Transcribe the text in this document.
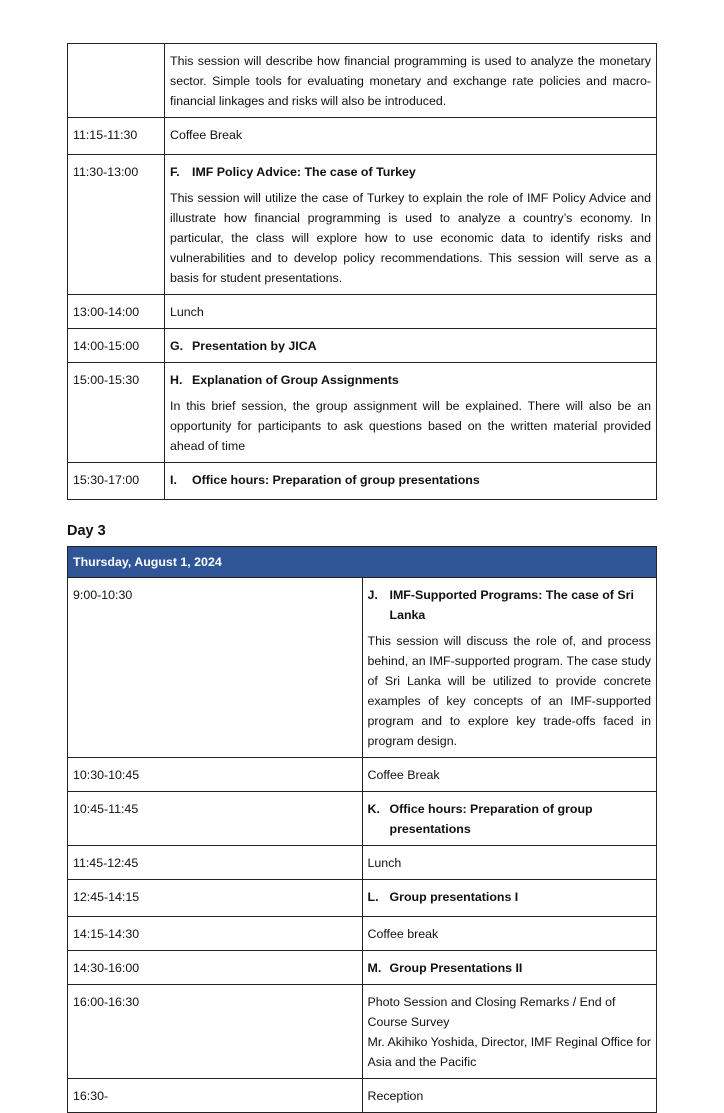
	This session will describe how financial programming is used to analyze the monetary sector. Simple tools for evaluating monetary and exchange rate policies and macro-financial linkages and risks will also be introduced.

11:15-11:30	Coffee Break
11:30-13:00	F. IMF Policy Advice: The case of Turkey

This session will utilize the case of Turkey to explain the role of IMF Policy Advice and illustrate how financial programming is used to analyze a country’s economy. In particular, the class will explore how to use economic data to identify risks and vulnerabilities and to develop policy recommendations. This session will serve as a basis for student presentations.

13:00-14:00	Lunch
14:00-15:00	G. Presentation by JICA

15:00-15:30	H. Explanation of Group Assignments

In this brief session, the group assignment will be explained. There will also be an opportunity for participants to ask questions based on the written material provided ahead of time

15:30-17:00	I. Office hours: Preparation of group presentations
Day 3
Thursday, August 1, 2024	
9:00-10:30	J. IMF-Supported Programs: The case of Sri Lanka

This session will discuss the role of, and process behind, an IMF-supported program. The case study of Sri Lanka will be utilized to provide concrete examples of key concepts of an IMF-supported program and to explore key trade-offs faced in program design.

10:30-10:45	Coffee Break
10:45-11:45	K. Office hours: Preparation of group presentations

11:45-12:45	Lunch
12:45-14:15	L. Group presentations I

14:15-14:30	Coffee break
14:30-16:00	M. Group Presentations II

16:00-16:30	Photo Session and Closing Remarks / End of Course Survey
Mr. Akihiko Yoshida, Director, IMF Reginal Office for Asia and the Pacific

16:30-	Reception
